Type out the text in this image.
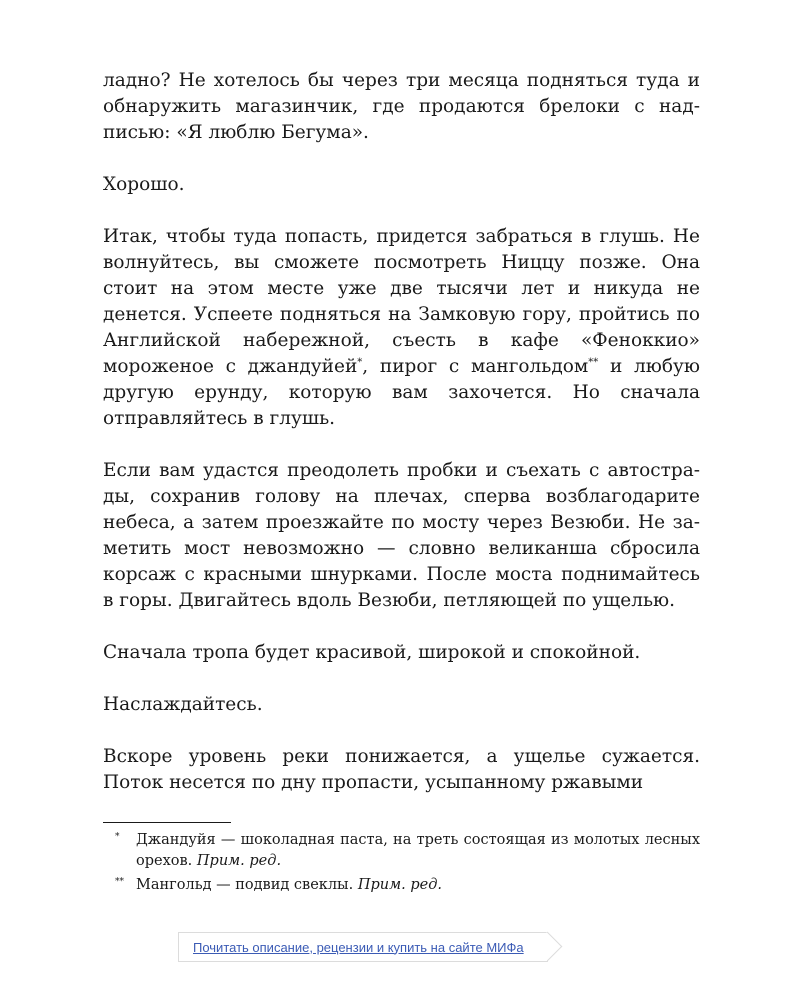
ладно? Не хотелось бы через три месяца подняться туда и обнаружить магазинчик, где продаются брелоки с надписью: «Я люблю Бегума».

Хорошо.

Итак, чтобы туда попасть, придется забраться в глушь. Не волнуйтесь, вы сможете посмотреть Ниццу позже. Она стоит на этом месте уже две тысячи лет и никуда не денется. Успеете подняться на Замковую гору, пройтись по Английской набережной, съесть в кафе «Феноккио» мороженое с джандуйей*, пирог с мангольдом** и любую другую ерунду, которую вам захочется. Но сначала отправляйтесь в глушь.

Если вам удастся преодолеть пробки и съехать с автострады, сохранив голову на плечах, сперва возблагодарите небеса, а затем проезжайте по мосту через Везюби. Не заметить мост невозможно — словно великанша сбросила корсаж с красными шнурками. После моста поднимайтесь в горы. Двигайтесь вдоль Везюби, петляющей по ущелью.

Сначала тропа будет красивой, широкой и спокойной.

Наслаждайтесь.

Вскоре уровень реки понижается, а ущелье сужается. Поток несется по дну пропасти, усыпанному ржавыми

* Джандуйя — шоколадная паста, на треть состоящая из молотых лесных орехов. Прим. ред.

** Мангольд — подвид свеклы. Прим. ред.

Почитать описание, рецензии и купить на сайте МИФа
